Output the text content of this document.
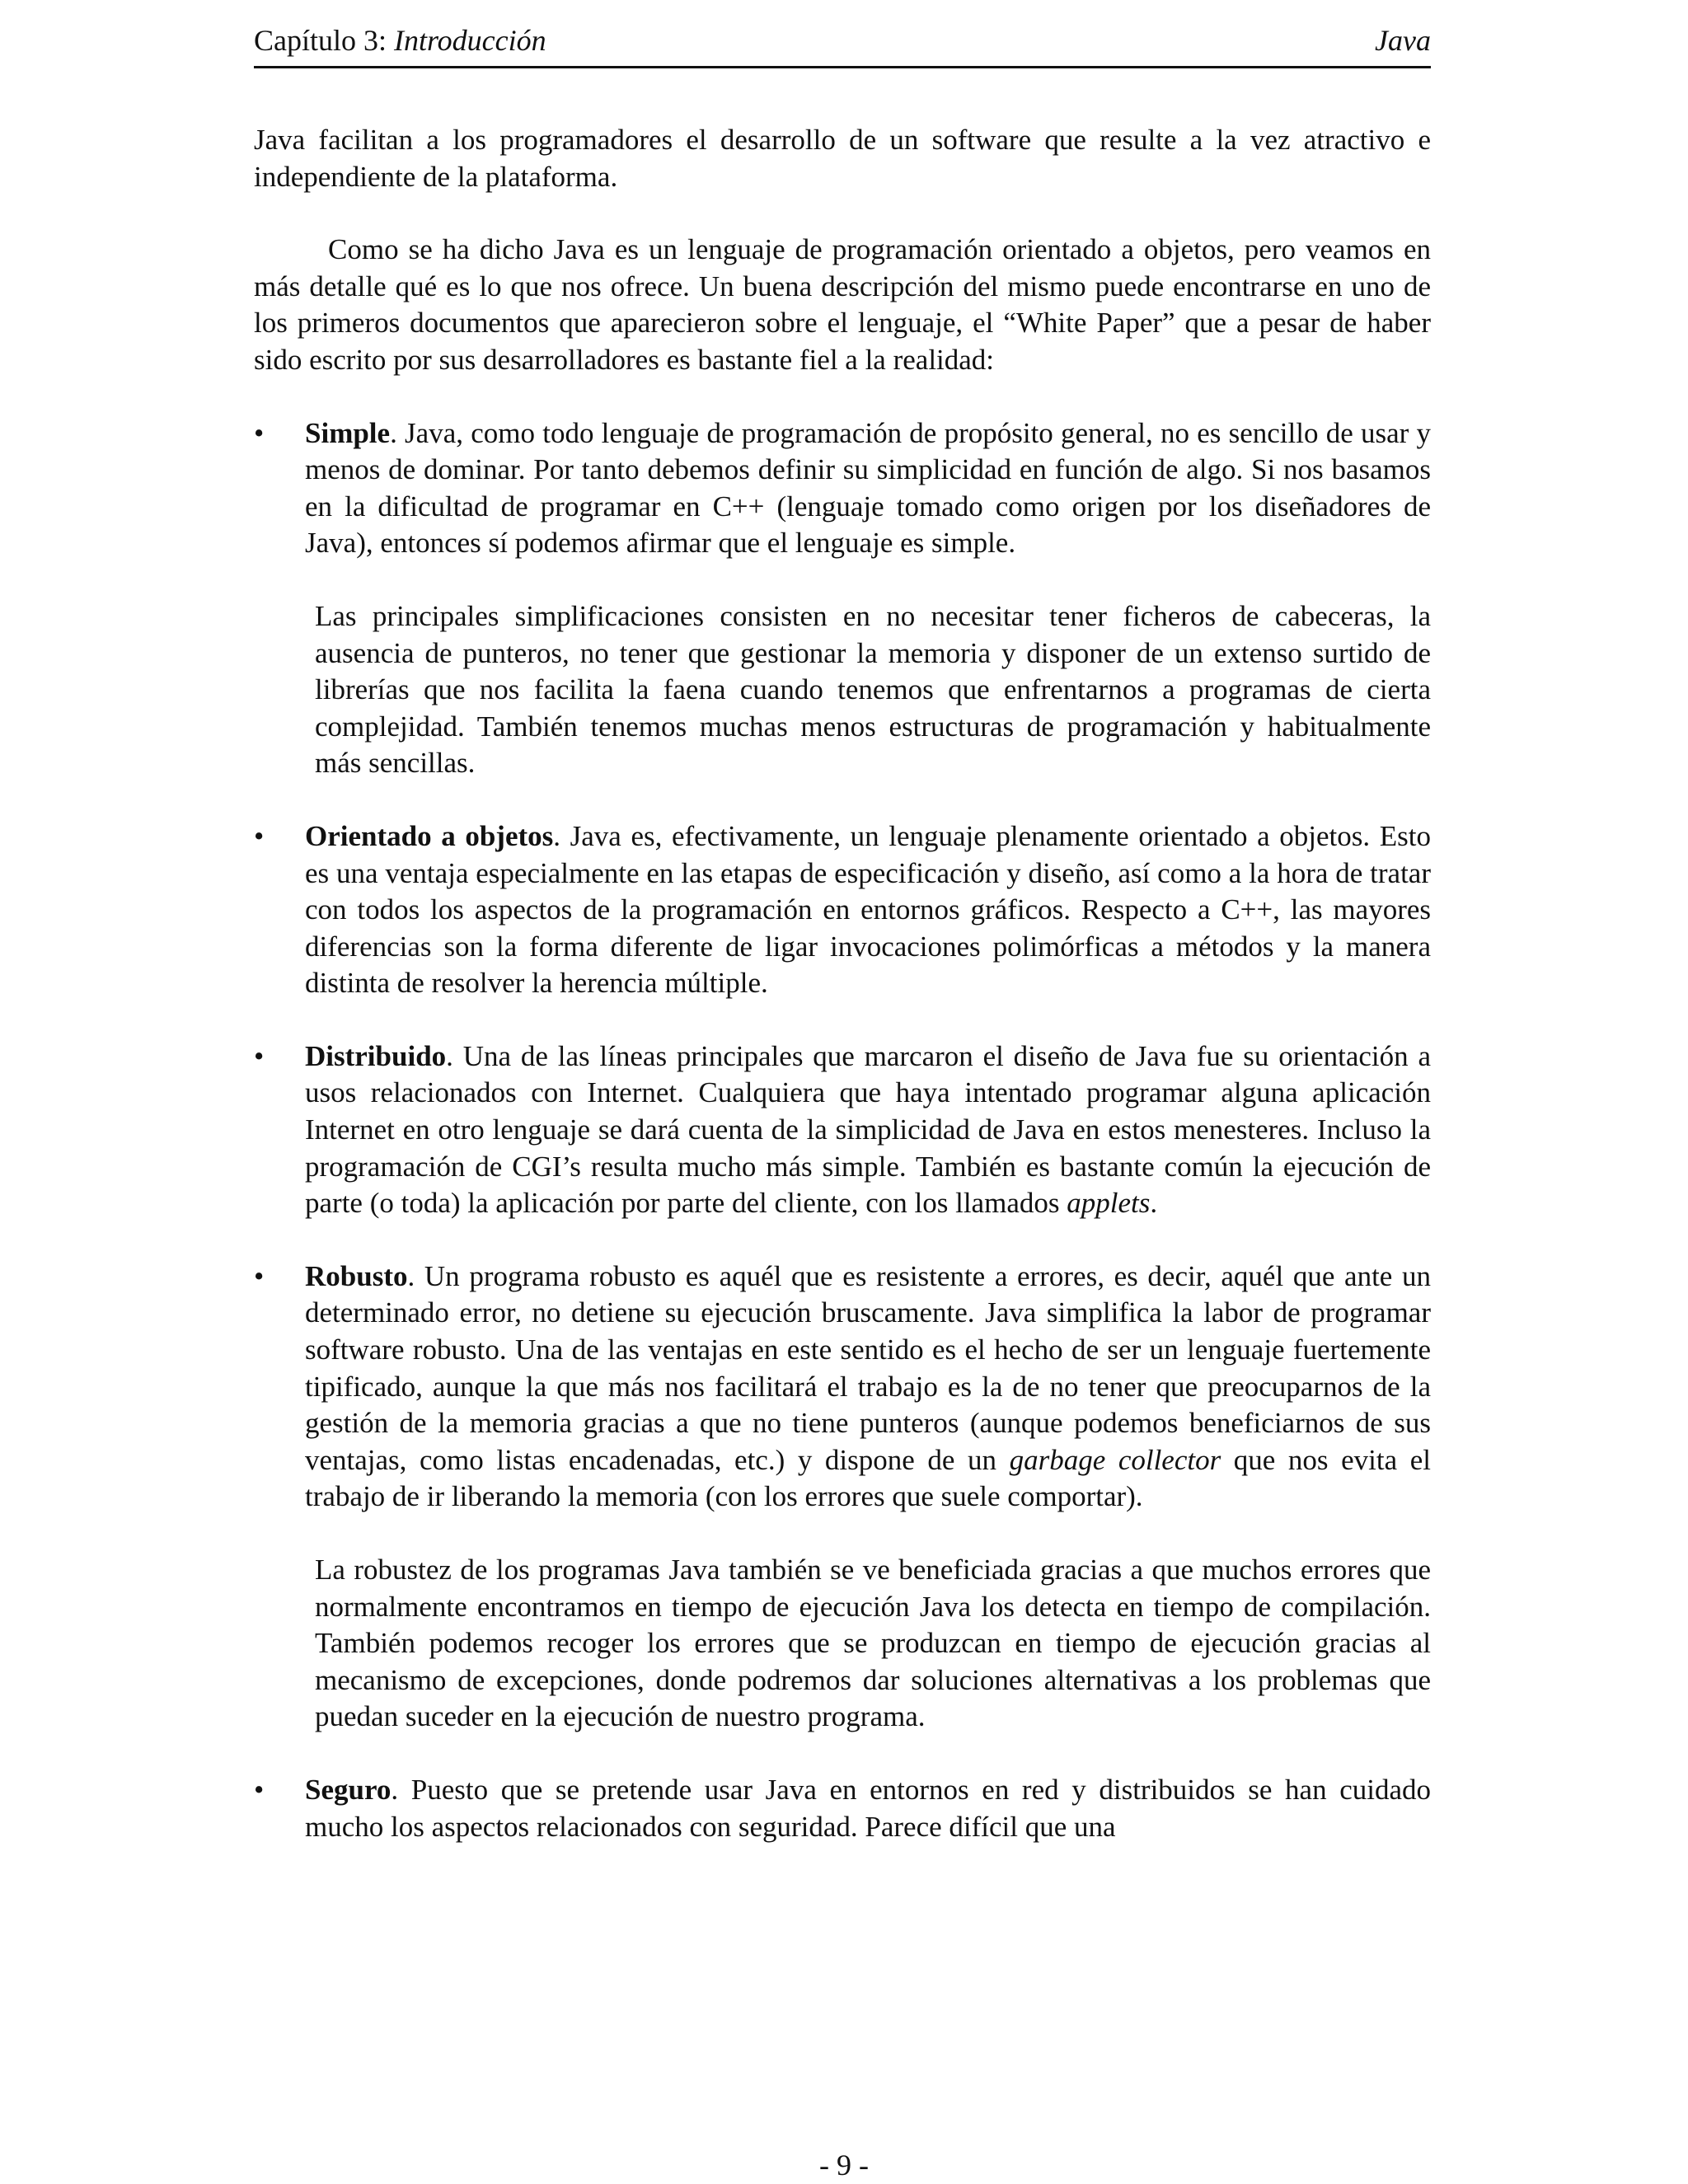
Capítulo 3: Introducción	Java

Java facilitan a los programadores el desarrollo de un software que resulte a la vez atractivo e independiente de la plataforma.

Como se ha dicho Java es un lenguaje de programación orientado a objetos, pero veamos en más detalle qué es lo que nos ofrece. Un buena descripción del mismo puede encontrarse en uno de los primeros documentos que aparecieron sobre el lenguaje, el “White Paper” que a pesar de haber sido escrito por sus desarrolladores es bastante fiel a la realidad:

• Simple. Java, como todo lenguaje de programación de propósito general, no es sencillo de usar y menos de dominar. Por tanto debemos definir su simplicidad en función de algo. Si nos basamos en la dificultad de programar en C++ (lenguaje tomado como origen por los diseñadores de Java), entonces sí podemos afirmar que el lenguaje es simple.

Las principales simplificaciones consisten en no necesitar tener ficheros de cabeceras, la ausencia de punteros, no tener que gestionar la memoria y disponer de un extenso surtido de librerías que nos facilita la faena cuando tenemos que enfrentarnos a programas de cierta complejidad. También tenemos muchas menos estructuras de programación y habitualmente más sencillas.

• Orientado a objetos. Java es, efectivamente, un lenguaje plenamente orientado a objetos. Esto es una ventaja especialmente en las etapas de especificación y diseño, así como a la hora de tratar con todos los aspectos de la programación en entornos gráficos. Respecto a C++, las mayores diferencias son la forma diferente de ligar invocaciones polimórficas a métodos y la manera distinta de resolver la herencia múltiple.

• Distribuido. Una de las líneas principales que marcaron el diseño de Java fue su orientación a usos relacionados con Internet. Cualquiera que haya intentado programar alguna aplicación Internet en otro lenguaje se dará cuenta de la simplicidad de Java en estos menesteres. Incluso la programación de CGI’s resulta mucho más simple. También es bastante común la ejecución de parte (o toda) la aplicación por parte del cliente, con los llamados applets.

• Robusto. Un programa robusto es aquél que es resistente a errores, es decir, aquél que ante un determinado error, no detiene su ejecución bruscamente. Java simplifica la labor de programar software robusto. Una de las ventajas en este sentido es el hecho de ser un lenguaje fuertemente tipificado, aunque la que más nos facilitará el trabajo es la de no tener que preocuparnos de la gestión de la memoria gracias a que no tiene punteros (aunque podemos beneficiarnos de sus ventajas, como listas encadenadas, etc.) y dispone de un garbage collector que nos evita el trabajo de ir liberando la memoria (con los errores que suele comportar).

La robustez de los programas Java también se ve beneficiada gracias a que muchos errores que normalmente encontramos en tiempo de ejecución Java los detecta en tiempo de compilación. También podemos recoger los errores que se produzcan en tiempo de ejecución gracias al mecanismo de excepciones, donde podremos dar soluciones alternativas a los problemas que puedan suceder en la ejecución de nuestro programa.

• Seguro. Puesto que se pretende usar Java en entornos en red y distribuidos se han cuidado mucho los aspectos relacionados con seguridad. Parece difícil que una

- 9 -
